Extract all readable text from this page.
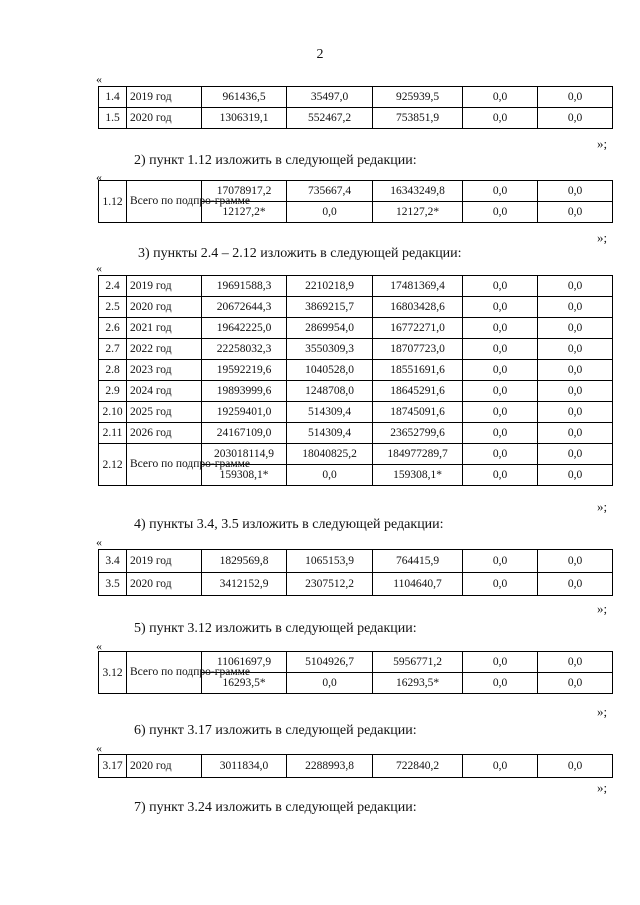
2
«
1.4	2019 год	961436,5	35497,0	925939,5	0,0	0,0
1.5	2020 год	1306319,1	552467,2	753851,9	0,0	0,0
»;
2) пункт 1.12 изложить в следующей редакции:
«
1.12	Всего по подпро-грамме	17078917,2	735667,4	16343249,8	0,0	0,0
		12127,2*	0,0	12127,2*	0,0	0,0
»;
3) пункты 2.4 – 2.12 изложить в следующей редакции:
«
2.4	2019 год	19691588,3	2210218,9	17481369,4	0,0	0,0
2.5	2020 год	20672644,3	3869215,7	16803428,6	0,0	0,0
2.6	2021 год	19642225,0	2869954,0	16772271,0	0,0	0,0
2.7	2022 год	22258032,3	3550309,3	18707723,0	0,0	0,0
2.8	2023 год	19592219,6	1040528,0	18551691,6	0,0	0,0
2.9	2024 год	19893999,6	1248708,0	18645291,6	0,0	0,0
2.10	2025 год	19259401,0	514309,4	18745091,6	0,0	0,0
2.11	2026 год	24167109,0	514309,4	23652799,6	0,0	0,0
2.12	Всего по подпро-грамме	203018114,9	18040825,2	184977289,7	0,0	0,0
		159308,1*	0,0	159308,1*	0,0	0,0
»;
4) пункты 3.4, 3.5 изложить в следующей редакции:
«
3.4	2019 год	1829569,8	1065153,9	764415,9	0,0	0,0
3.5	2020 год	3412152,9	2307512,2	1104640,7	0,0	0,0
»;
5) пункт 3.12 изложить в следующей редакции:
«
3.12	Всего по подпро-грамме	11061697,9	5104926,7	5956771,2	0,0	0,0
		16293,5*	0,0	16293,5*	0,0	0,0
»;
6) пункт 3.17 изложить в следующей редакции:
«
3.17	2020 год	3011834,0	2288993,8	722840,2	0,0	0,0
»;
7) пункт 3.24 изложить в следующей редакции:
